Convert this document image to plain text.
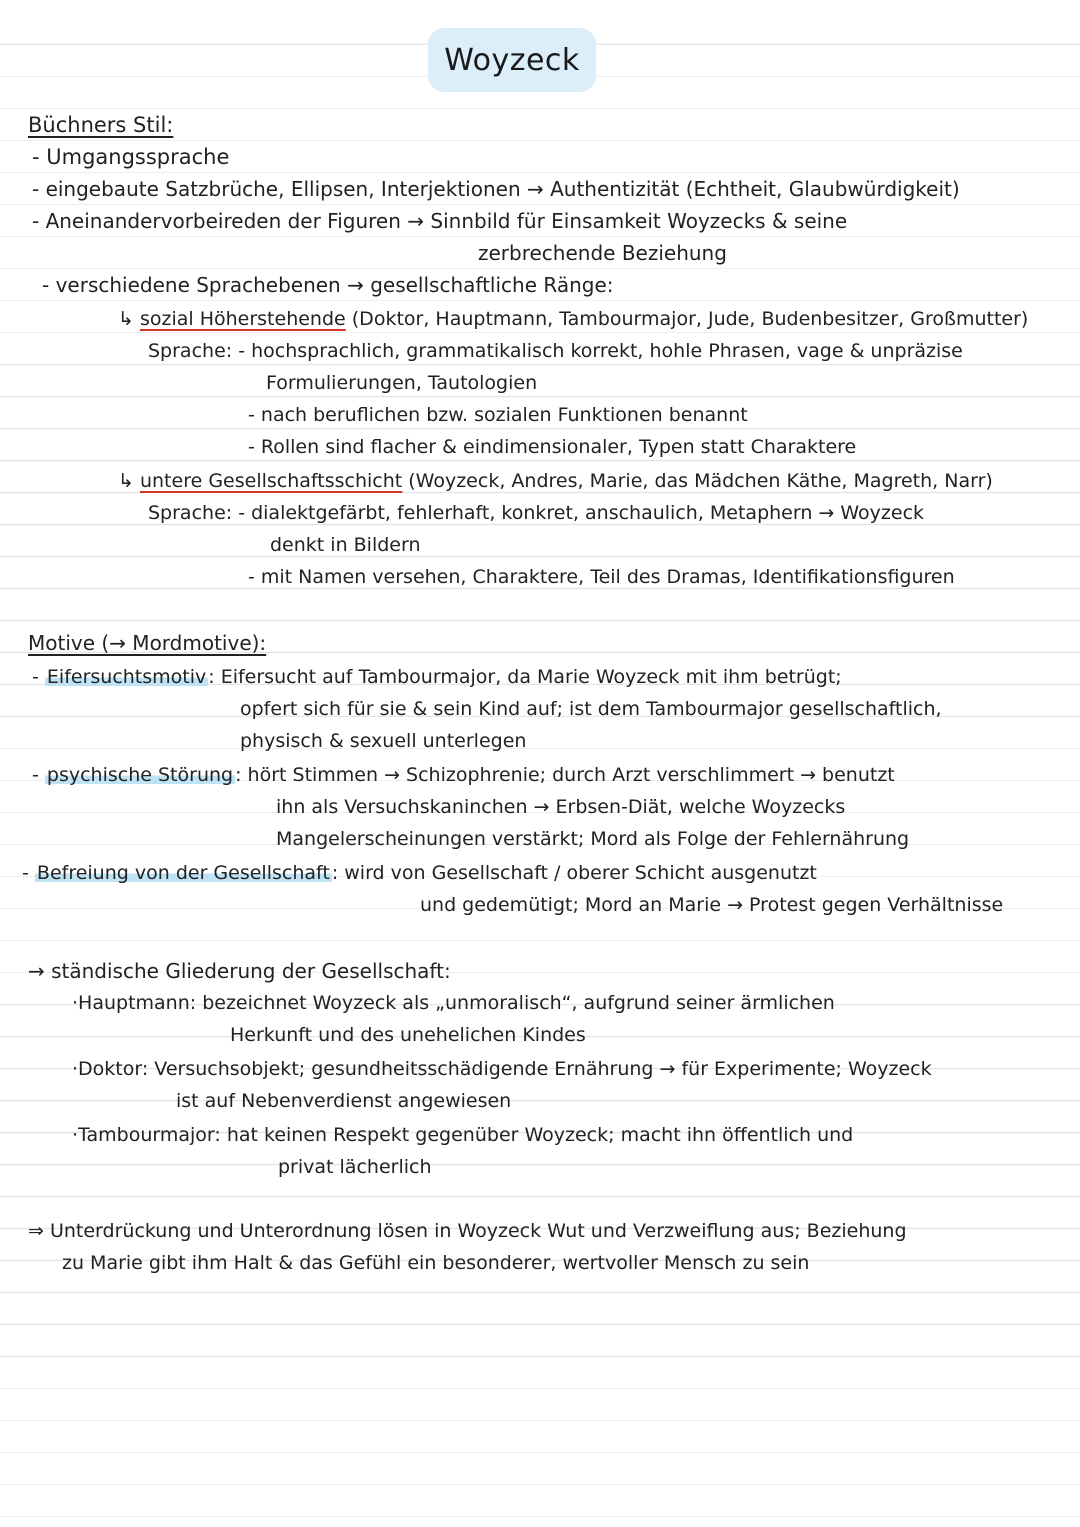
Woyzeck
Büchners Stil:
- Umgangssprache
- eingebaute Satzbrüche, Ellipsen, Interjektionen → Authentizität (Echtheit, Glaubwürdigkeit)
- Aneinandervorbeireden der Figuren → Sinnbild für Einsamkeit Woyzecks & seine
zerbrechende Beziehung
- verschiedene Sprachebenen → gesellschaftliche Ränge:
↳ sozial Höherstehende (Doktor, Hauptmann, Tambourmajor, Jude, Budenbesitzer, Großmutter)
Sprache: - hochsprachlich, grammatikalisch korrekt, hohle Phrasen, vage & unpräzise
Formulierungen, Tautologien
- nach beruflichen bzw. sozialen Funktionen benannt
- Rollen sind flacher & eindimensionaler, Typen statt Charaktere
↳ untere Gesellschaftsschicht (Woyzeck, Andres, Marie, das Mädchen Käthe, Magreth, Narr)
Sprache: - dialektgefärbt, fehlerhaft, konkret, anschaulich, Metaphern → Woyzeck
denkt in Bildern
- mit Namen versehen, Charaktere, Teil des Dramas, Identifikationsfiguren
Motive (→ Mordmotive):
- Eifersuchtsmotiv : Eifersucht auf Tambourmajor, da Marie Woyzeck mit ihm betrügt;
opfert sich für sie & sein Kind auf; ist dem Tambourmajor gesellschaftlich,
physisch & sexuell unterlegen
- psychische Störung : hört Stimmen → Schizophrenie; durch Arzt verschlimmert → benutzt
ihn als Versuchskaninchen → Erbsen-Diät, welche Woyzecks
Mangelerscheinungen verstärkt; Mord als Folge der Fehlernährung
- Befreiung von der Gesellschaft : wird von Gesellschaft / oberer Schicht ausgenutzt
und gedemütigt; Mord an Marie → Protest gegen Verhältnisse
→ ständische Gliederung der Gesellschaft:
·Hauptmann: bezeichnet Woyzeck als „unmoralisch“, aufgrund seiner ärmlichen
Herkunft und des unehelichen Kindes
·Doktor: Versuchsobjekt; gesundheitsschädigende Ernährung → für Experimente; Woyzeck
ist auf Nebenverdienst angewiesen
·Tambourmajor: hat keinen Respekt gegenüber Woyzeck; macht ihn öffentlich und
privat lächerlich
⇒ Unterdrückung und Unterordnung lösen in Woyzeck Wut und Verzweiflung aus; Beziehung
zu Marie gibt ihm Halt & das Gefühl ein besonderer, wertvoller Mensch zu sein
